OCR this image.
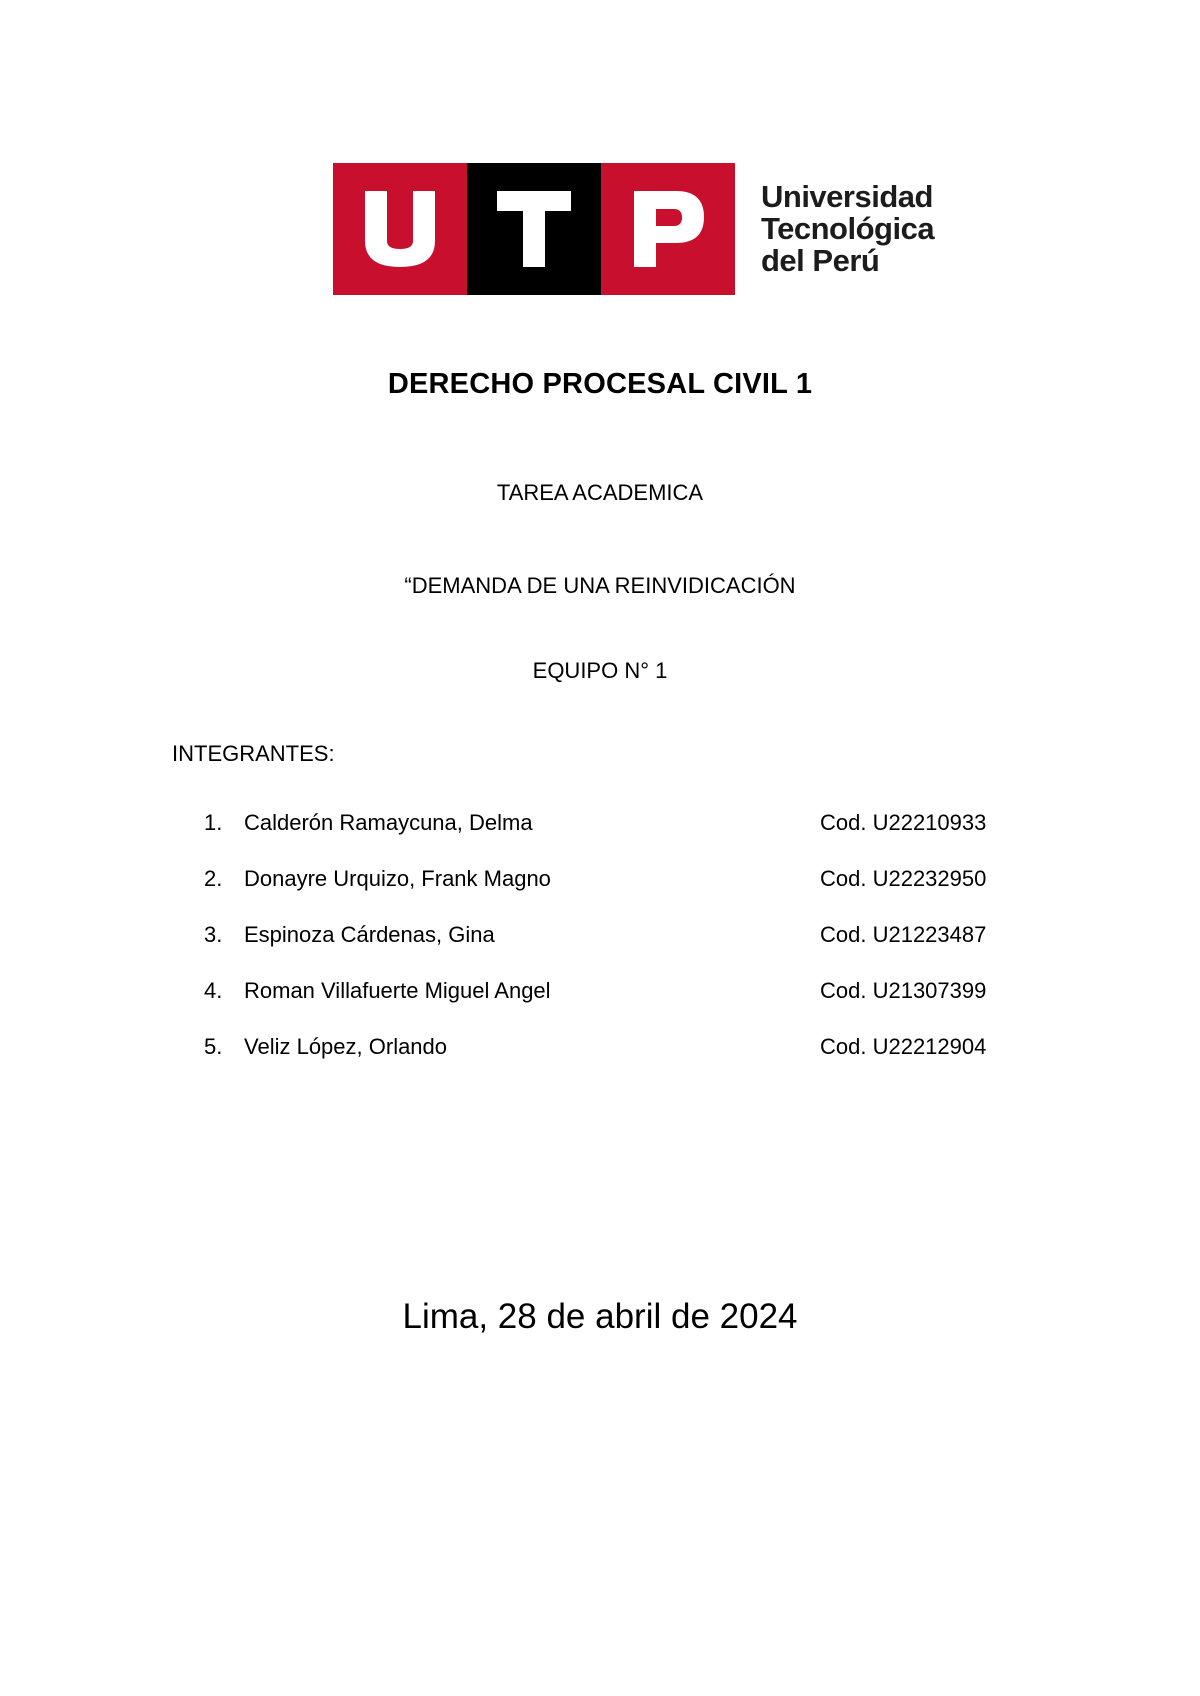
Universidad
Tecnológica
del Perú
DERECHO PROCESAL CIVIL 1
TAREA ACADEMICA
“DEMANDA DE UNA REINVIDICACIÓN
EQUIPO N° 1
INTEGRANTES:
1. Calderón Ramaycuna, Delma	Cod. U22210933
2. Donayre Urquizo, Frank Magno	Cod. U22232950
3. Espinoza Cárdenas, Gina	Cod. U21223487
4. Roman Villafuerte Miguel Angel	Cod. U21307399
5. Veliz López, Orlando	Cod. U22212904
Lima, 28 de abril de 2024
